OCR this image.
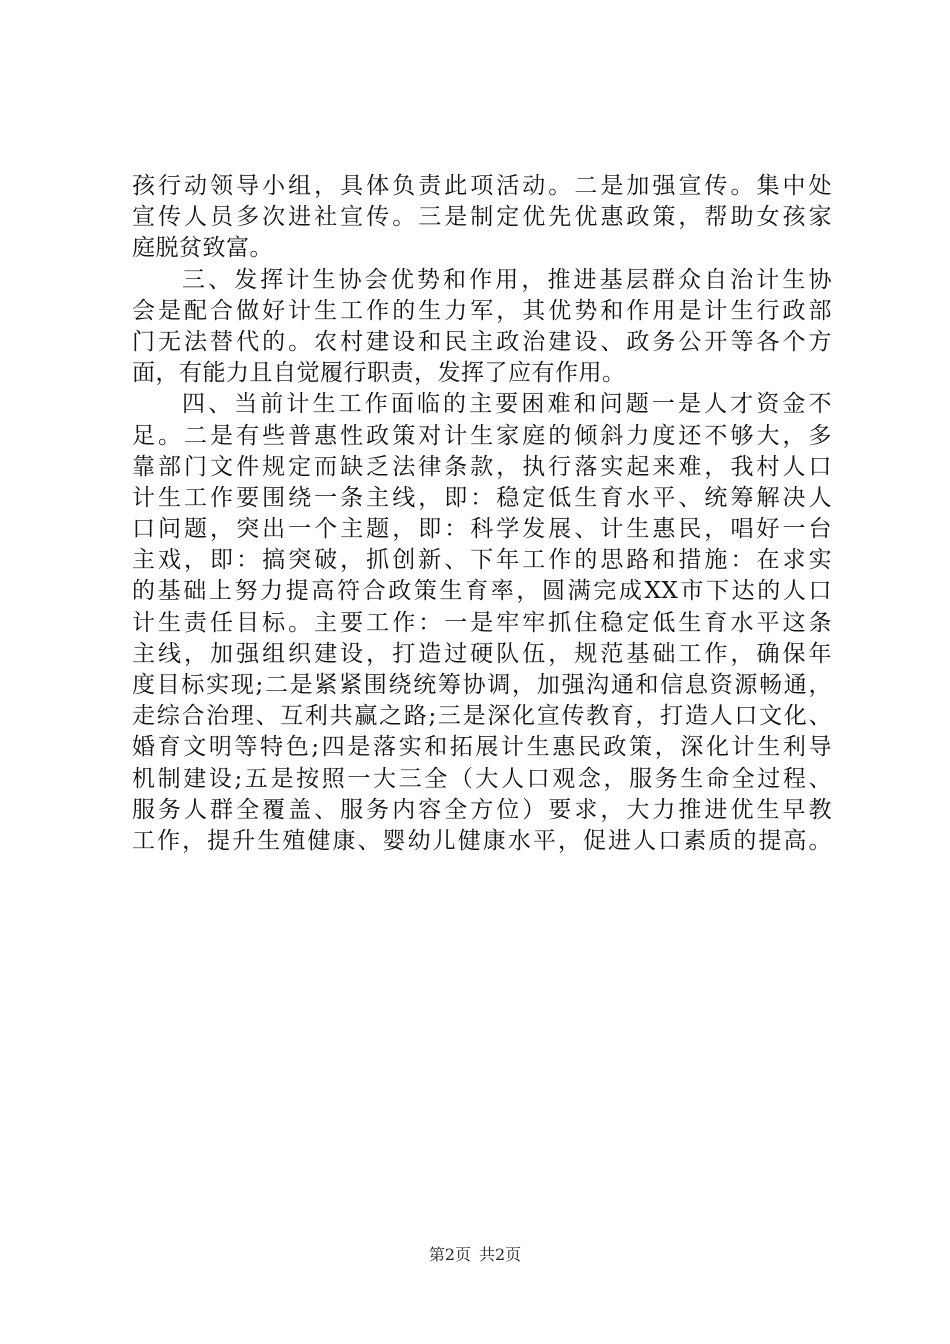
孩行动领导小组，具体负责此项活动。二是加强宣传。集中处
宣传人员多次进社宣传。三是制定优先优惠政策，帮助女孩家
庭脱贫致富。
三、发挥计生协会优势和作用，推进基层群众自治计生协
会是配合做好计生工作的生力军，其优势和作用是计生行政部
门无法替代的。农村建设和民主政治建设、政务公开等各个方
面，有能力且自觉履行职责，发挥了应有作用。
四、当前计生工作面临的主要困难和问题一是人才资金不
足。二是有些普惠性政策对计生家庭的倾斜力度还不够大，多
靠部门文件规定而缺乏法律条款，执行落实起来难，我村人口
计生工作要围绕一条主线，即：稳定低生育水平、统筹解决人
口问题，突出一个主题，即：科学发展、计生惠民，唱好一台
主戏，即：搞突破，抓创新、下年工作的思路和措施：在求实
的基础上努力提高符合政策生育率，圆满完成XX市下达的人口
计生责任目标。主要工作：一是牢牢抓住稳定低生育水平这条
主线，加强组织建设，打造过硬队伍，规范基础工作，确保年
度目标实现;二是紧紧围绕统筹协调，加强沟通和信息资源畅通，
走综合治理、互利共赢之路;三是深化宣传教育，打造人口文化、
婚育文明等特色;四是落实和拓展计生惠民政策，深化计生利导
机制建设;五是按照一大三全（大人口观念，服务生命全过程、
服务人群全覆盖、服务内容全方位）要求，大力推进优生早教
工作，提升生殖健康、婴幼儿健康水平，促进人口素质的提高。
第2页 共2页
